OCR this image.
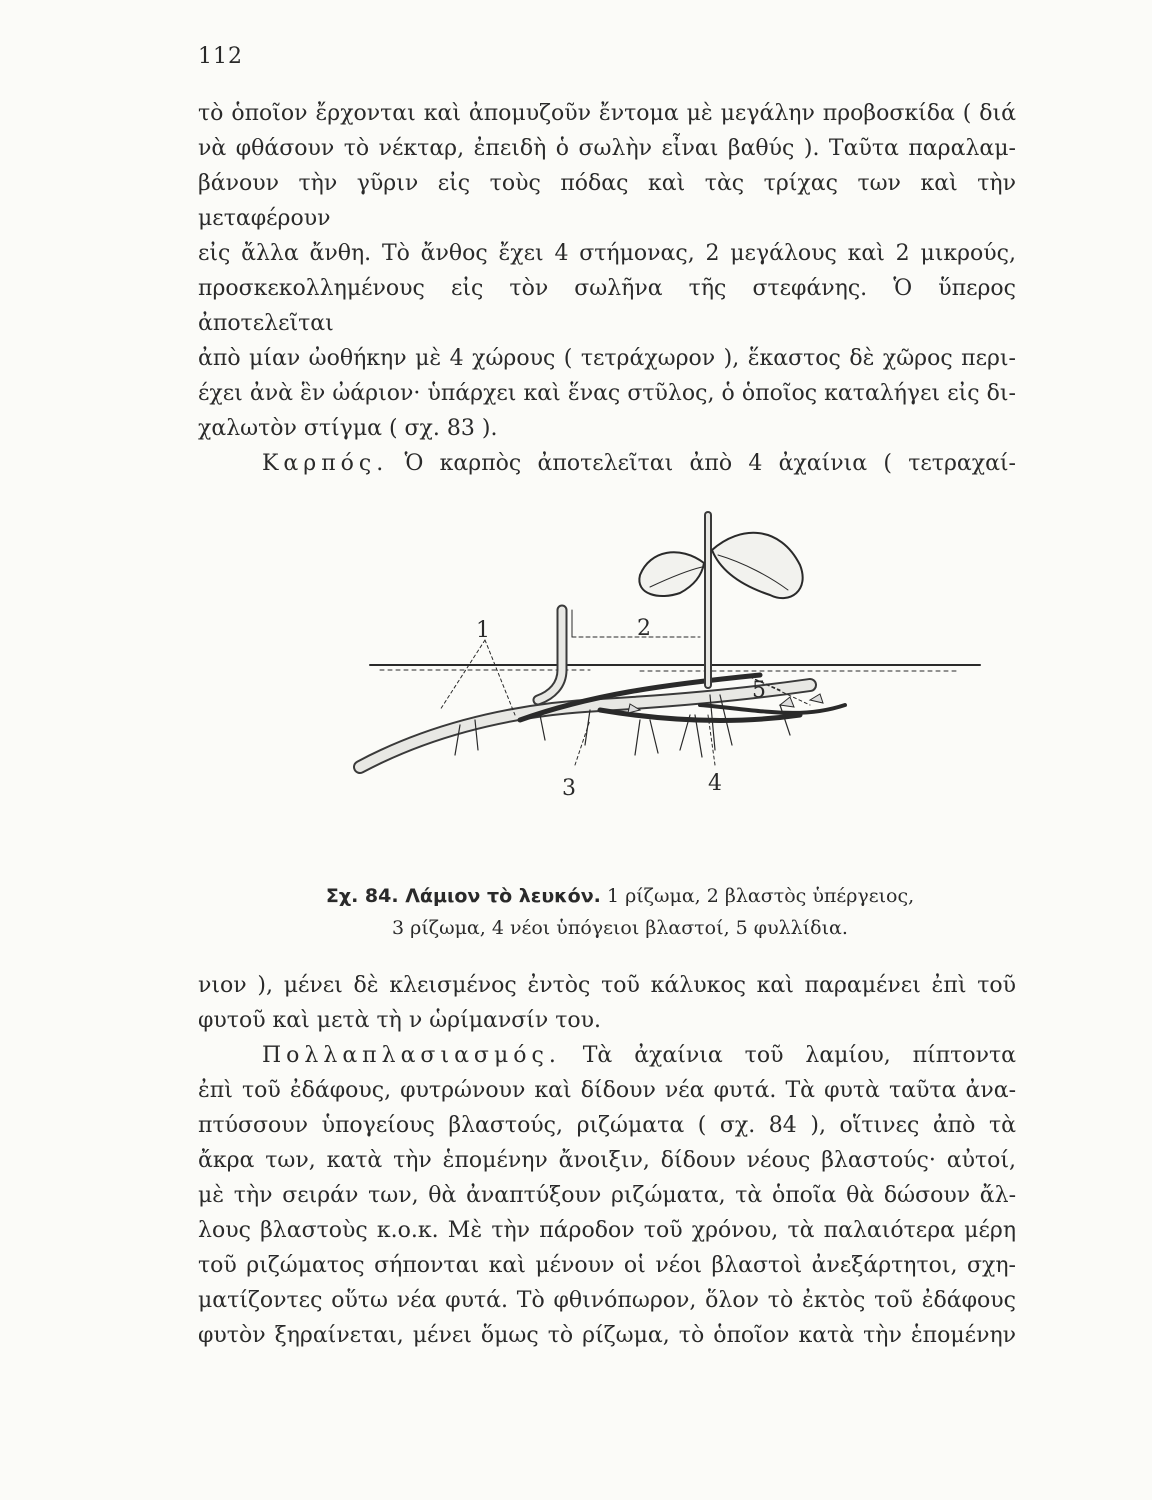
112
τὸ ὁποῖον ἔρχονται καὶ ἀπομυζοῦν ἔντομα μὲ μεγάλην προβοσκίδα ( διά
νὰ φθάσουν τὸ νέκταρ, ἐπειδὴ ὁ σωλὴν εἶναι βαθύς ). Ταῦτα παραλαμ-
βάνουν τὴν γῦριν εἰς τοὺς πόδας καὶ τὰς τρίχας των καὶ τὴν μεταφέρουν
εἰς ἄλλα ἄνθη. Τὸ ἄνθος ἔχει 4 στήμονας, 2 μεγάλους καὶ 2 μικρούς,
προσκεκολλημένους εἰς τὸν σωλῆνα τῆς στεφάνης. Ὁ ὕπερος ἀποτελεῖται
ἀπὸ μίαν ὠοθήκην μὲ 4 χώρους ( τετράχωρον ), ἕκαστος δὲ χῶρος περι-
έχει ἀνὰ ἓν ὠάριον· ὑπάρχει καὶ ἕνας στῦλος, ὁ ὁποῖος καταλήγει εἰς δι-
χαλωτὸν στίγμα ( σχ. 83 ).
Καρπός. Ὁ καρπὸς ἀποτελεῖται ἀπὸ 4 ἀχαίνια ( τετραχαί-
1	2
3	4
5
Σχ. 84. Λάμιον τὸ λευκόν. 1 ρίζωμα, 2 βλαστὸς ὑπέργειος,
3 ρίζωμα, 4 νέοι ὑπόγειοι βλαστοί, 5 φυλλίδια.
νιον ), μένει δὲ κλεισμένος ἐντὸς τοῦ κάλυκος καὶ παραμένει ἐπὶ τοῦ
φυτοῦ καὶ μετὰ τὴ ν ὡρίμανσίν του.
Πολλαπλασιασμός. Τὰ ἀχαίνια τοῦ λαμίου, πίπτοντα
ἐπὶ τοῦ ἐδάφους, φυτρώνουν καὶ δίδουν νέα φυτά. Τὰ φυτὰ ταῦτα ἀνα-
πτύσσουν ὑπογείους βλαστούς, ριζώματα ( σχ. 84 ), οἵτινες ἀπὸ τὰ
ἄκρα των, κατὰ τὴν ἑπομένην ἄνοιξιν, δίδουν νέους βλαστούς· αὐτοί,
μὲ τὴν σειράν των, θὰ ἀναπτύξουν ριζώματα, τὰ ὁποῖα θὰ δώσουν ἄλ-
λους βλαστοὺς κ.ο.κ. Μὲ τὴν πάροδον τοῦ χρόνου, τὰ παλαιότερα μέρη
τοῦ ριζώματος σήπονται καὶ μένουν οἱ νέοι βλαστοὶ ἀνεξάρτητοι, σχη-
ματίζοντες οὕτω νέα φυτά. Τὸ φθινόπωρον, ὅλον τὸ ἐκτὸς τοῦ ἐδάφους
φυτὸν ξηραίνεται, μένει ὅμως τὸ ρίζωμα, τὸ ὁποῖον κατὰ τὴν ἑπομένην
